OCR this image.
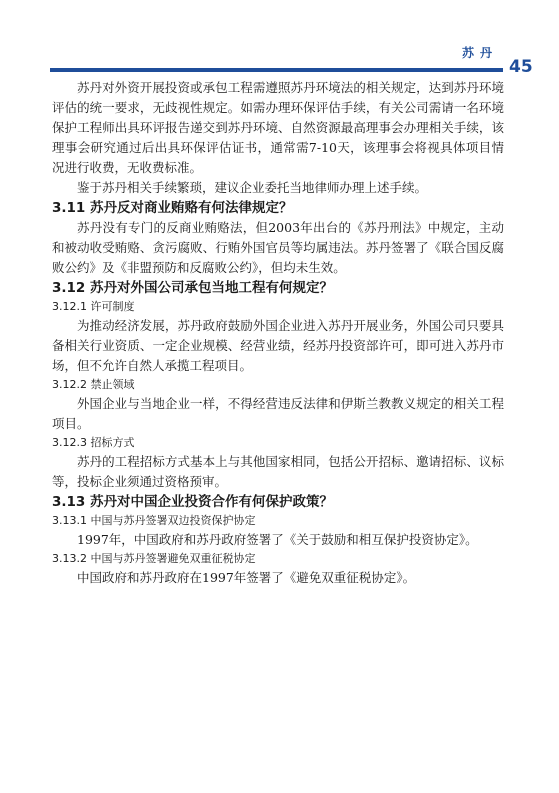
苏丹
45

苏丹对外资开展投资或承包工程需遵照苏丹环境法的相关规定，达到苏丹环境评估的统一要求，无歧视性规定。如需办理环保评估手续，有关公司需请一名环境保护工程师出具环评报告递交到苏丹环境、自然资源最高理事会办理相关手续，该理事会研究通过后出具环保评估证书，通常需7-10天，该理事会将视具体项目情况进行收费，无收费标准。

鉴于苏丹相关手续繁琐，建议企业委托当地律师办理上述手续。

3.11 苏丹反对商业贿赂有何法律规定？

苏丹没有专门的反商业贿赂法，但2003年出台的《苏丹刑法》中规定，主动和被动收受贿赂、贪污腐败、行贿外国官员等均属违法。苏丹签署了《联合国反腐败公约》及《非盟预防和反腐败公约》，但均未生效。

3.12 苏丹对外国公司承包当地工程有何规定？
3.12.1 许可制度

为推动经济发展，苏丹政府鼓励外国企业进入苏丹开展业务，外国公司只要具备相关行业资质、一定企业规模、经营业绩，经苏丹投资部许可，即可进入苏丹市场，但不允许自然人承揽工程项目。

3.12.2 禁止领域

外国企业与当地企业一样，不得经营违反法律和伊斯兰教教义规定的相关工程项目。

3.12.3 招标方式

苏丹的工程招标方式基本上与其他国家相同，包括公开招标、邀请招标、议标等，投标企业须通过资格预审。

3.13 苏丹对中国企业投资合作有何保护政策？
3.13.1 中国与苏丹签署双边投资保护协定

1997年，中国政府和苏丹政府签署了《关于鼓励和相互保护投资协定》。

3.13.2 中国与苏丹签署避免双重征税协定

中国政府和苏丹政府在1997年签署了《避免双重征税协定》。
